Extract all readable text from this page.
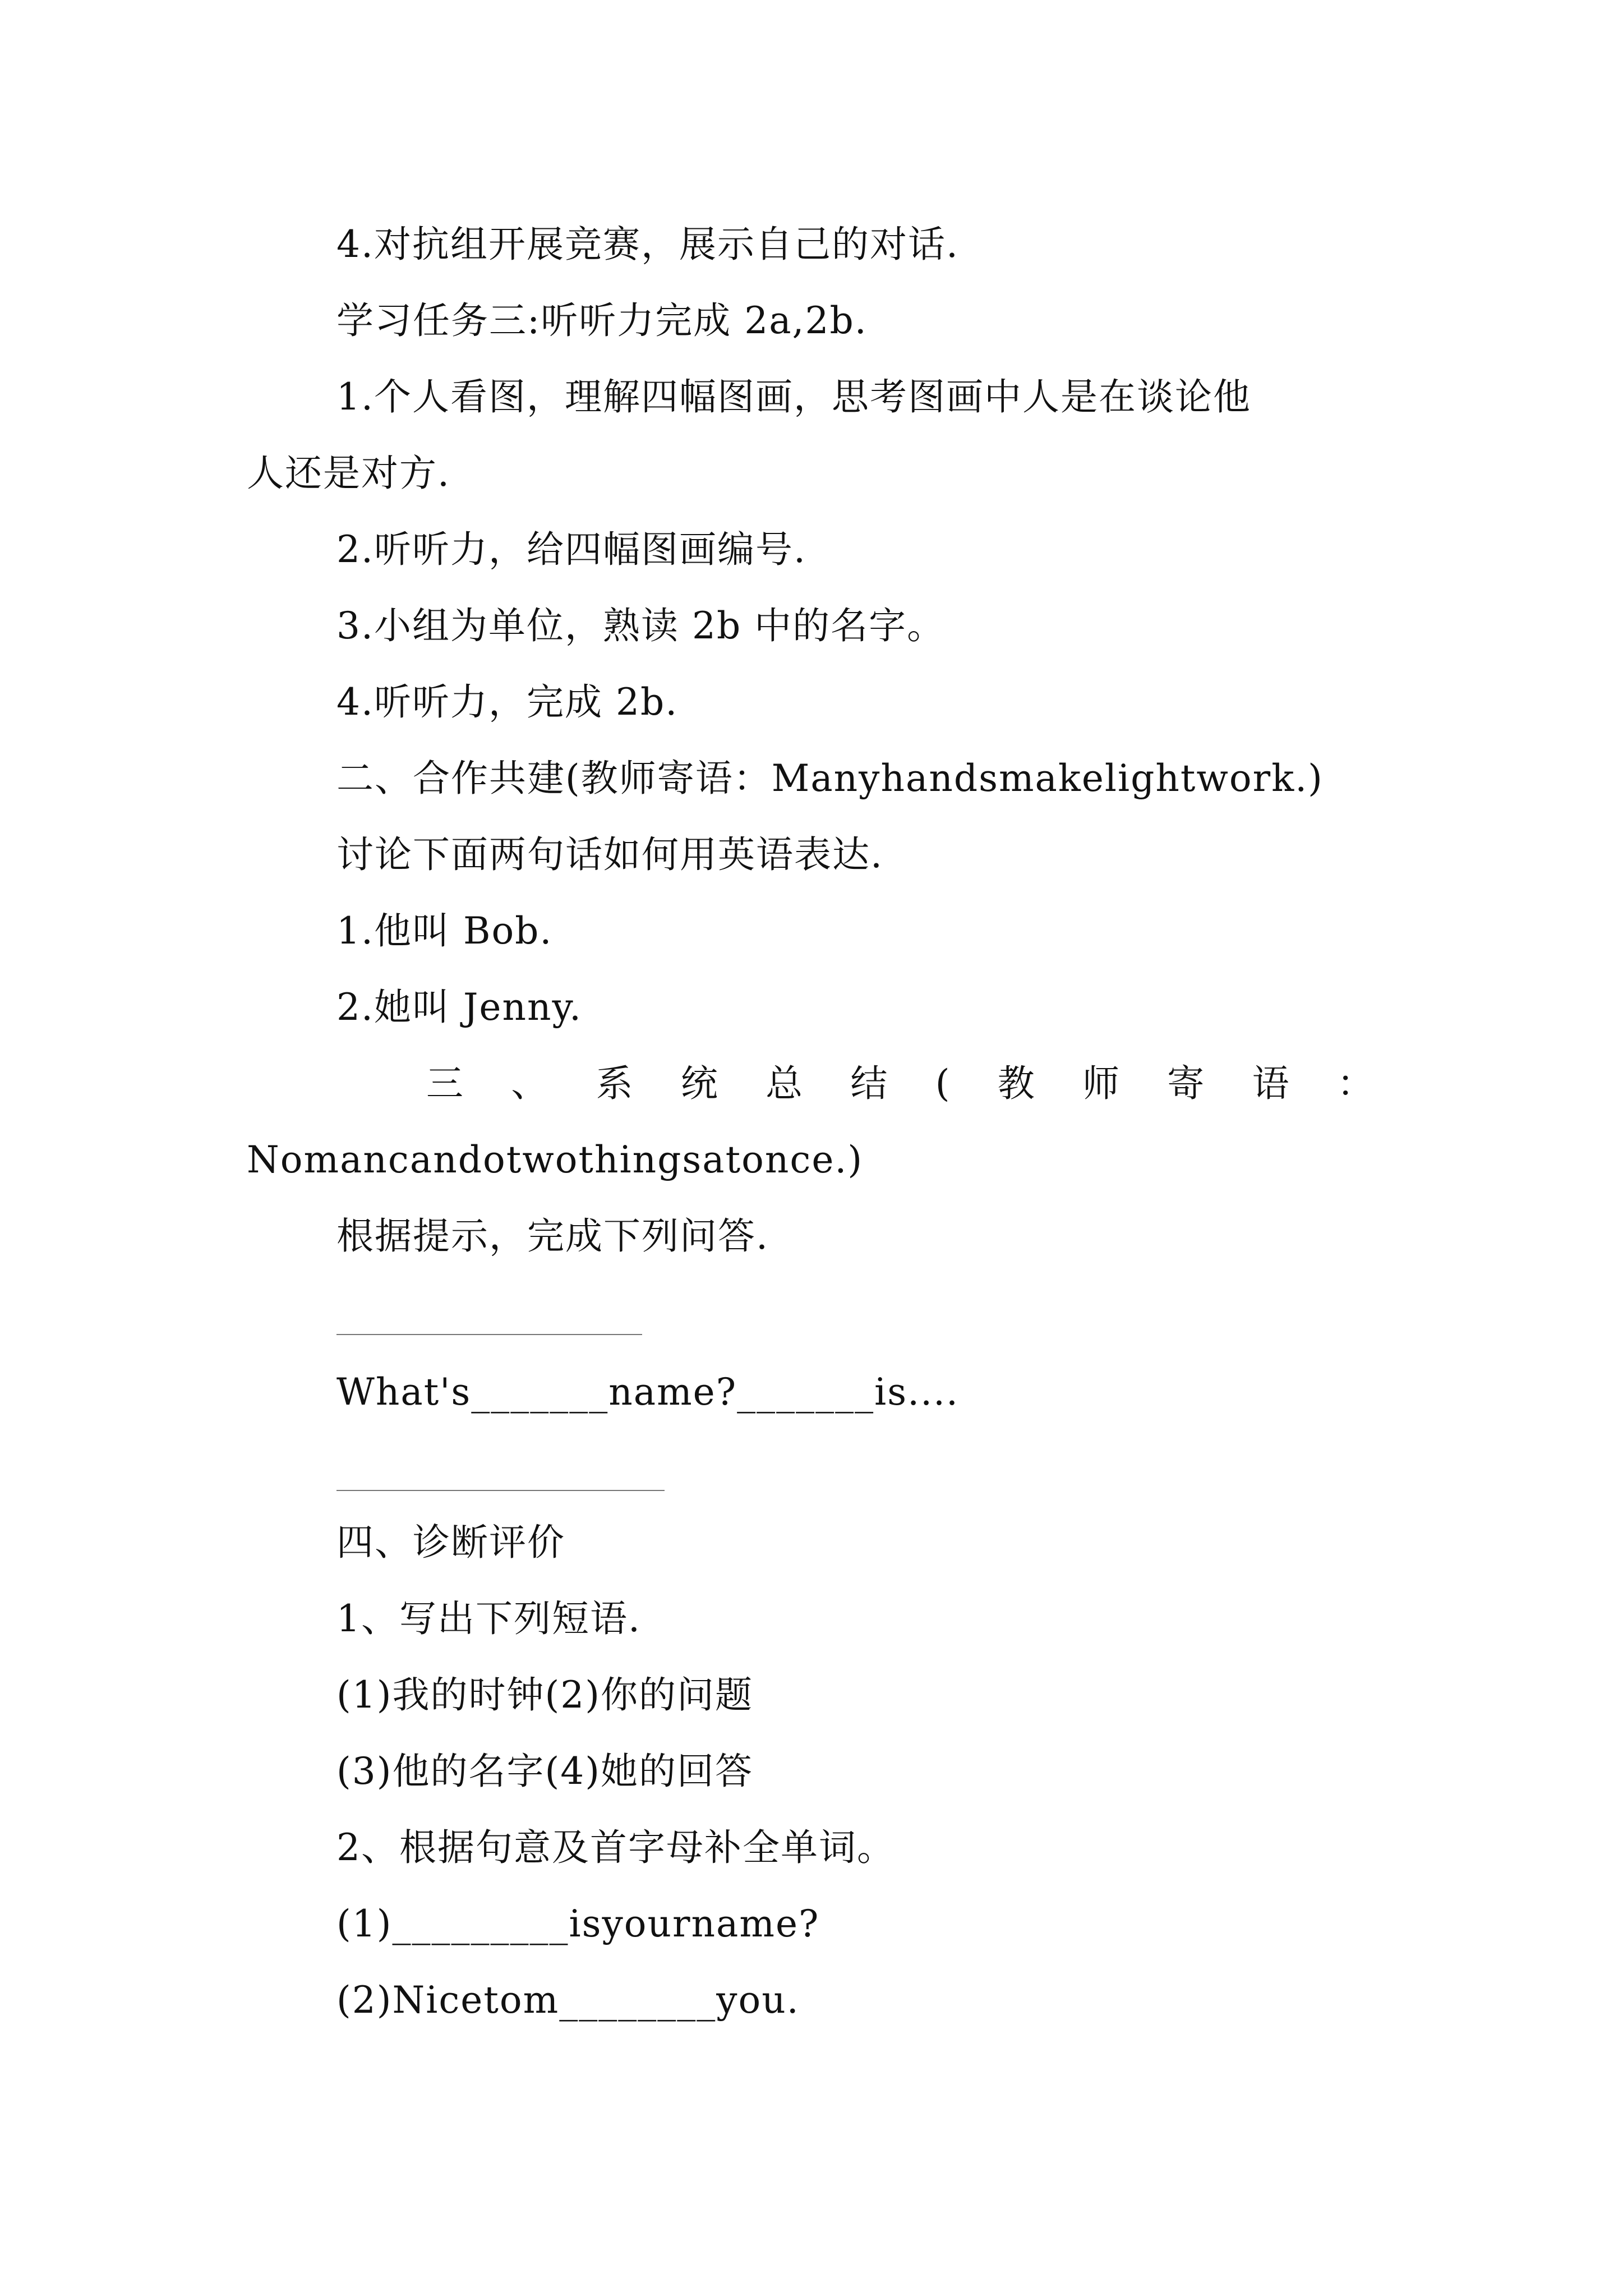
4.对抗组开展竞赛，展示自己的对话.
学习任务三:听听力完成 2a,2b.
1.个人看图，理解四幅图画，思考图画中人是在谈论他
人还是对方.
2.听听力，给四幅图画编号.
3.小组为单位，熟读 2b 中的名字。
4.听听力，完成 2b.
二、合作共建(教师寄语：Manyhandsmakelightwork.)
讨论下面两句话如何用英语表达.
1.他叫 Bob.
2.她叫 Jenny.
三 、 系 统 总 结 ( 教 师 寄 语 ：
Nomancandotwothingsatonce.)
根据提示，完成下列问答.
What's_______name?_______is....
四、诊断评价
1、写出下列短语.
(1)我的时钟(2)你的问题
(3)他的名字(4)她的回答
2、根据句意及首字母补全单词。
(1)_________isyourname?
(2)Nicetom________you.
